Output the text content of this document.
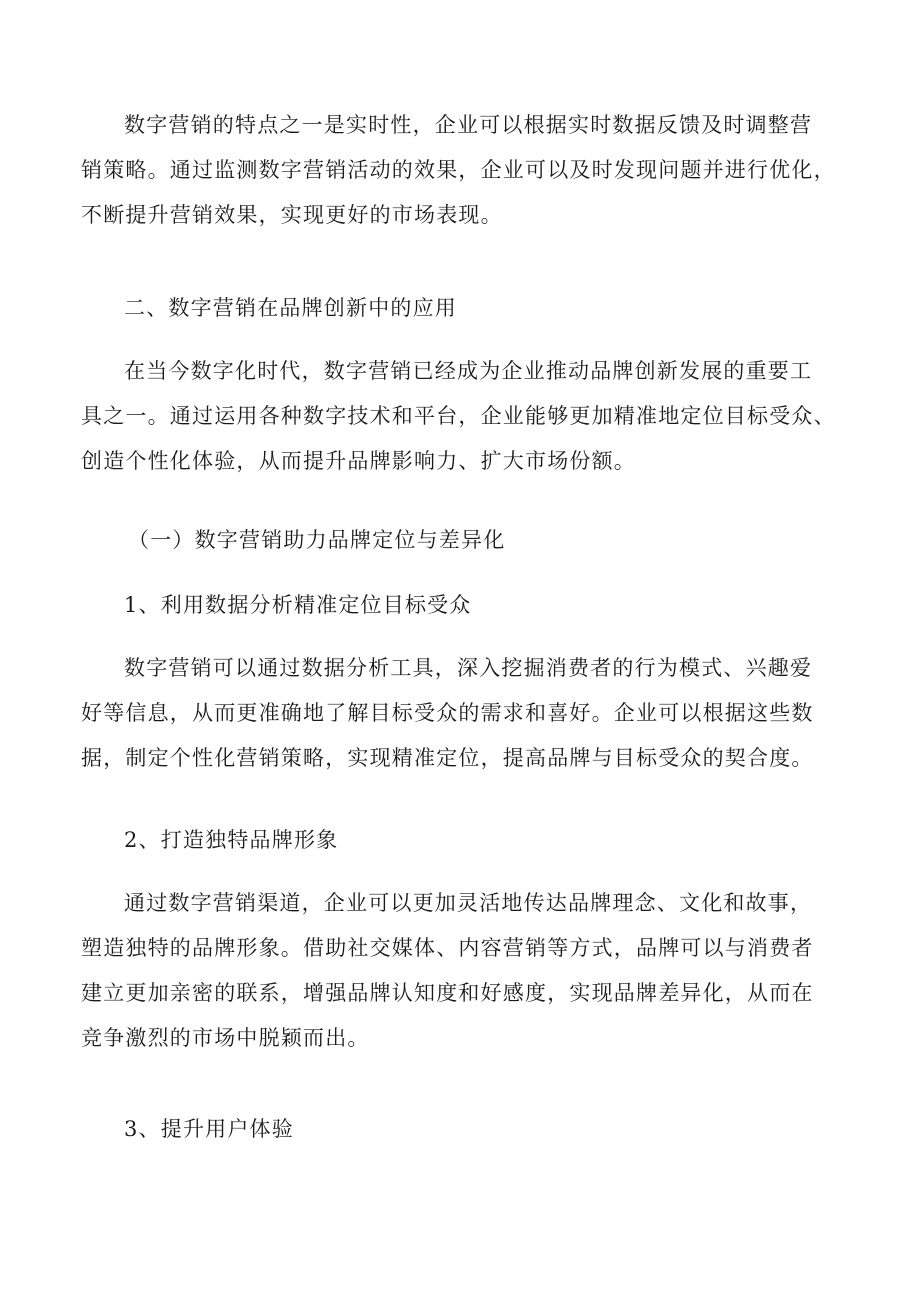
数字营销的特点之一是实时性，企业可以根据实时数据反馈及时调整营
销策略。通过监测数字营销活动的效果，企业可以及时发现问题并进行优化，
不断提升营销效果，实现更好的市场表现。
二、数字营销在品牌创新中的应用
在当今数字化时代，数字营销已经成为企业推动品牌创新发展的重要工
具之一。通过运用各种数字技术和平台，企业能够更加精准地定位目标受众、
创造个性化体验，从而提升品牌影响力、扩大市场份额。
（一）数字营销助力品牌定位与差异化
1、利用数据分析精准定位目标受众
数字营销可以通过数据分析工具，深入挖掘消费者的行为模式、兴趣爱
好等信息，从而更准确地了解目标受众的需求和喜好。企业可以根据这些数
据，制定个性化营销策略，实现精准定位，提高品牌与目标受众的契合度。
2、打造独特品牌形象
通过数字营销渠道，企业可以更加灵活地传达品牌理念、文化和故事，
塑造独特的品牌形象。借助社交媒体、内容营销等方式，品牌可以与消费者
建立更加亲密的联系，增强品牌认知度和好感度，实现品牌差异化，从而在
竞争激烈的市场中脱颖而出。
3、提升用户体验
